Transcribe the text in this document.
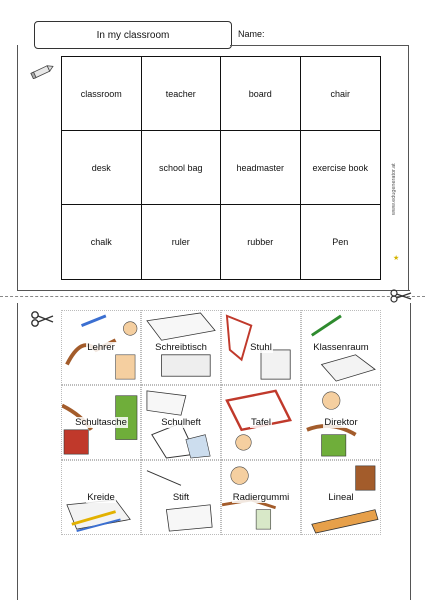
In my classroom	Name:
classroom	teacher	board	chair
desk	school bag	headmaster	exercise book
chalk	ruler	rubber	Pen
www.edugenerator.at
★
Lehrer	Schreibtisch	Stuhl	Klassenraum
Schultasche	Schulheft	Tafel	Direktor
Kreide	Stift	Radiergummi	Lineal
